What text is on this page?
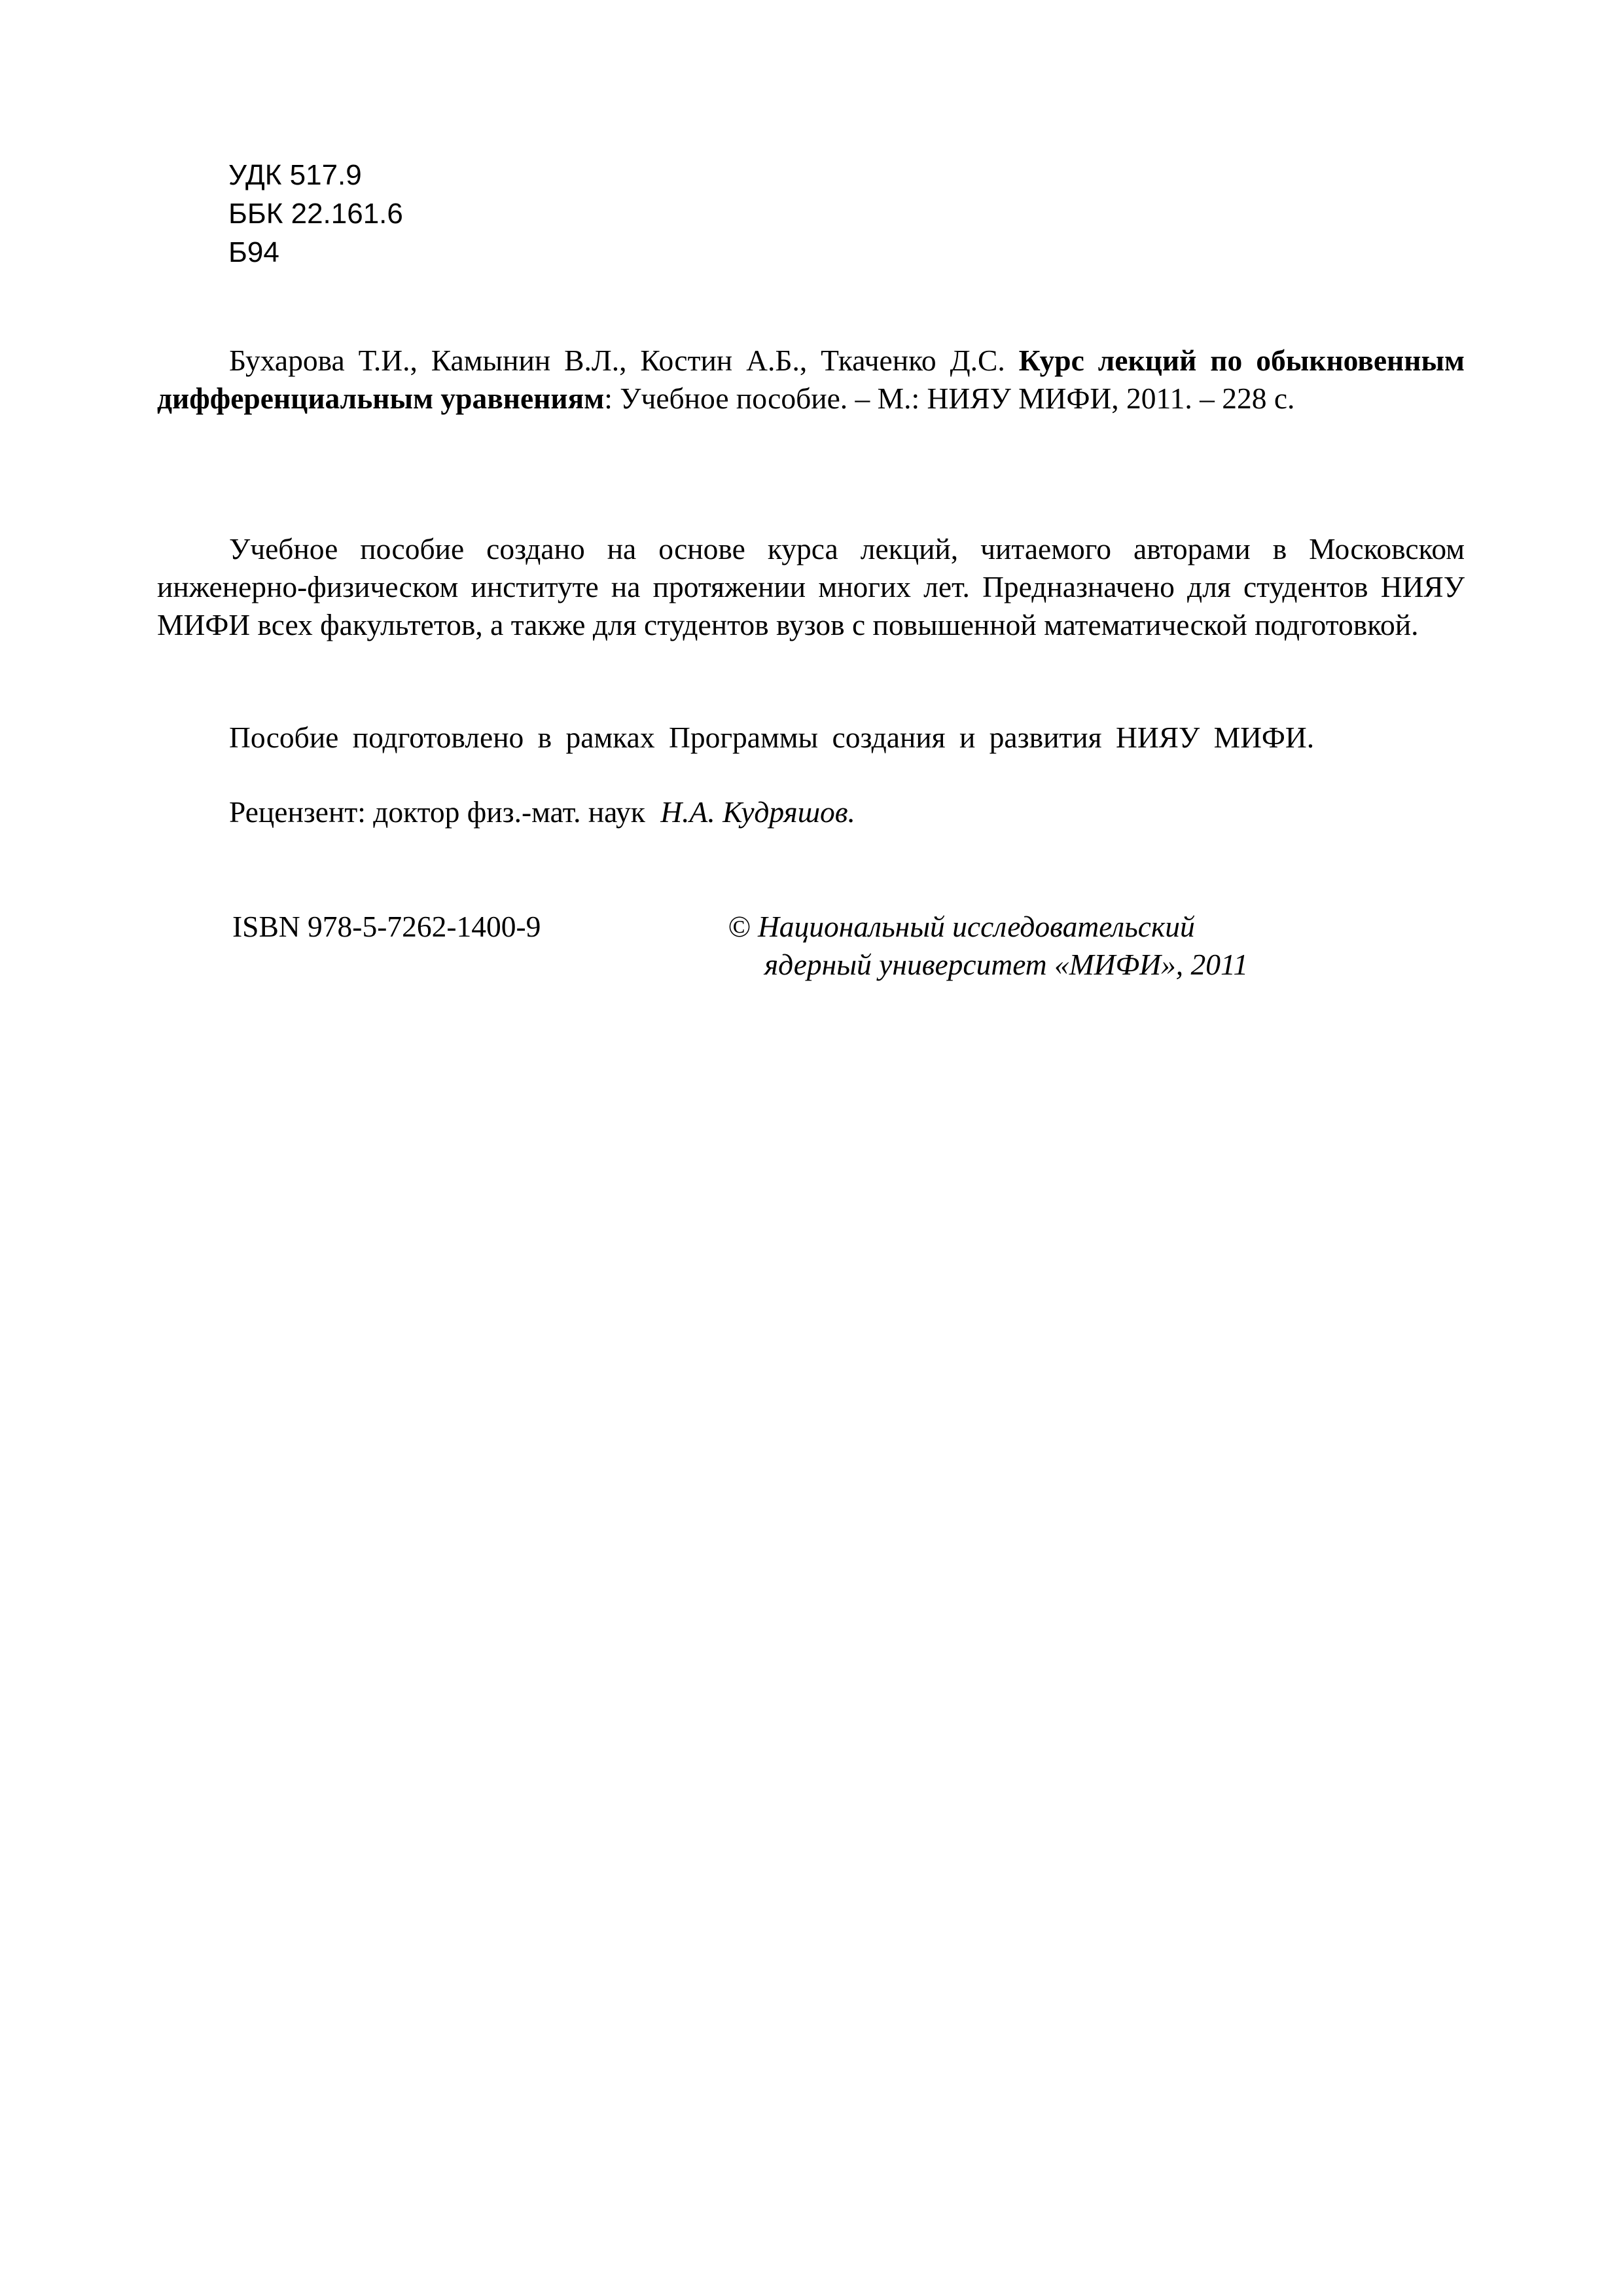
УДК 517.9
ББК 22.161.6
Б94
Бухарова Т.И., Камынин В.Л., Костин А.Б., Ткаченко Д.С. Курс лекций по обыкновенным дифференциальным уравнениям: Учебное пособие. – М.: НИЯУ МИФИ, 2011. – 228 с.
Учебное пособие создано на основе курса лекций, читаемого авторами в Московском инженерно-физическом институте на протяжении многих лет. Предназначено для студентов НИЯУ МИФИ всех факультетов, а также для студентов вузов с повышенной математической подготовкой.
Пособие подготовлено в рамках Программы создания и развития НИЯУ МИФИ.
Рецензент: доктор физ.-мат. наук Н.А. Кудряшов.
ISBN 978-5-7262-1400-9	© Национальный исследовательский
ядерный университет «МИФИ», 2011
